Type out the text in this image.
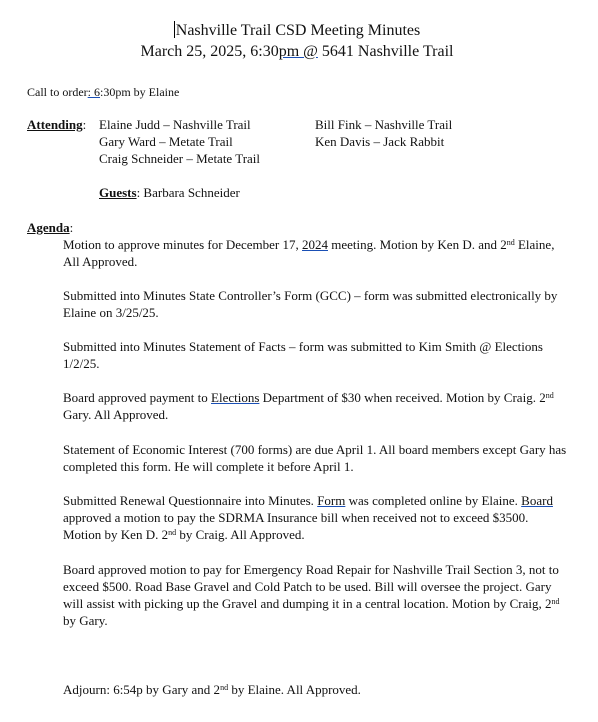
Nashville Trail CSD Meeting Minutes
March 25, 2025, 6:30pm @ 5641 Nashville Trail
Call to order: 6:30pm by Elaine
Attending: Elaine Judd – Nashville Trail
Gary Ward – Metate Trail
Craig Schneider – Metate Trail
Bill Fink – Nashville Trail
Ken Davis – Jack Rabbit
Guests: Barbara Schneider
Agenda:
Motion to approve minutes for December 17, 2024 meeting. Motion by Ken D. and 2nd Elaine, All Approved.
Submitted into Minutes State Controller’s Form (GCC) – form was submitted electronically by Elaine on 3/25/25.
Submitted into Minutes Statement of Facts – form was submitted to Kim Smith @ Elections 1/2/25.
Board approved payment to Elections Department of $30 when received. Motion by Craig. 2nd Gary. All Approved.
Statement of Economic Interest (700 forms) are due April 1. All board members except Gary has completed this form. He will complete it before April 1.
Submitted Renewal Questionnaire into Minutes. Form was completed online by Elaine. Board approved a motion to pay the SDRMA Insurance bill when received not to exceed $3500. Motion by Ken D. 2nd by Craig. All Approved.
Board approved motion to pay for Emergency Road Repair for Nashville Trail Section 3, not to exceed $500. Road Base Gravel and Cold Patch to be used. Bill will oversee the project. Gary will assist with picking up the Gravel and dumping it in a central location. Motion by Craig, 2nd by Gary.
Adjourn: 6:54p by Gary and 2nd by Elaine. All Approved.
